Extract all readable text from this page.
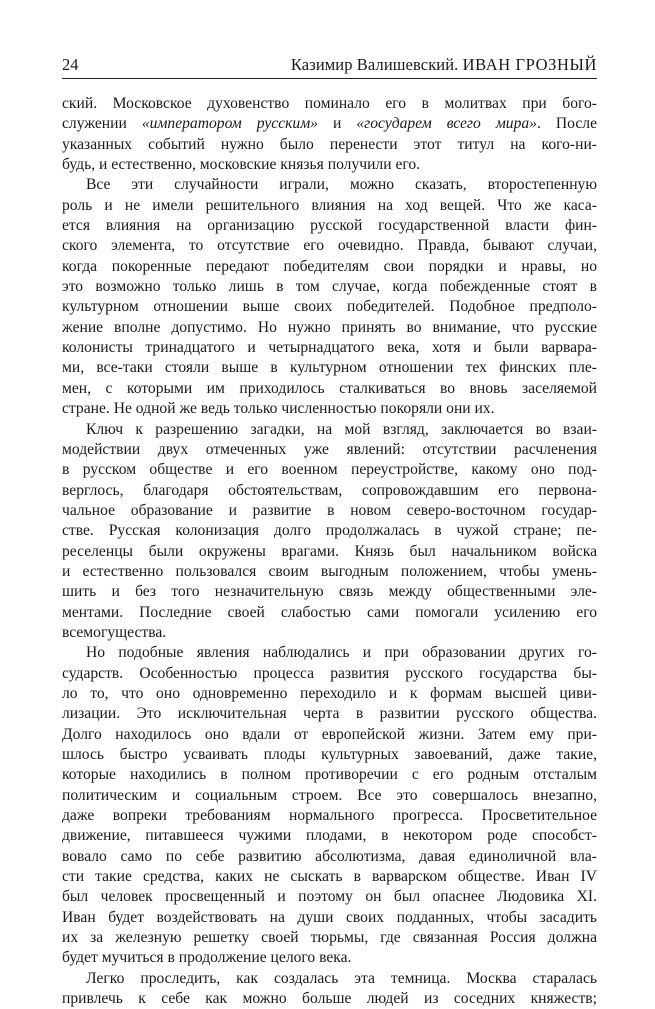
24	Казимир Валишевский. ИВАН ГРОЗНЫЙ
ский. Московское духовенство поминало его в молитвах при бого-
служении «императором русским» и «государем всего мира». После
указанных событий нужно было перенести этот титул на кого-ни-
будь, и естественно, московские князья получили его.
Все эти случайности играли, можно сказать, второстепенную
роль и не имели решительного влияния на ход вещей. Что же каса-
ется влияния на организацию русской государственной власти фин-
ского элемента, то отсутствие его очевидно. Правда, бывают случаи,
когда покоренные передают победителям свои порядки и нравы, но
это возможно только лишь в том случае, когда побежденные стоят в
культурном отношении выше своих победителей. Подобное предполо-
жение вполне допустимо. Но нужно принять во внимание, что русские
колонисты тринадцатого и четырнадцатого века, хотя и были варвара-
ми, все-таки стояли выше в культурном отношении тех финских пле-
мен, с которыми им приходилось сталкиваться во вновь заселяемой
стране. Не одной же ведь только численностью покоряли они их.
Ключ к разрешению загадки, на мой взгляд, заключается во взаи-
модействии двух отмеченных уже явлений: отсутствии расчленения
в русском обществе и его военном переустройстве, какому оно под-
верглось, благодаря обстоятельствам, сопровождавшим его первона-
чальное образование и развитие в новом северо-восточном государ-
стве. Русская колонизация долго продолжалась в чужой стране; пе-
реселенцы были окружены врагами. Князь был начальником войска
и естественно пользовался своим выгодным положением, чтобы умень-
шить и без того незначительную связь между общественными эле-
ментами. Последние своей слабостью сами помогали усилению его
всемогущества.
Но подобные явления наблюдались и при образовании других го-
сударств. Особенностью процесса развития русского государства бы-
ло то, что оно одновременно переходило и к формам высшей циви-
лизации. Это исключительная черта в развитии русского общества.
Долго находилось оно вдали от европейской жизни. Затем ему при-
шлось быстро усваивать плоды культурных завоеваний, даже такие,
которые находились в полном противоречии с его родным отсталым
политическим и социальным строем. Все это совершалось внезапно,
даже вопреки требованиям нормального прогресса. Просветительное
движение, питавшееся чужими плодами, в некотором роде способст-
вовало само по себе развитию абсолютизма, давая единоличной вла-
сти такие средства, каких не сыскать в варварском обществе. Иван IV
был человек просвещенный и поэтому он был опаснее Людовика XI.
Иван будет воздействовать на души своих подданных, чтобы засадить
их за железную решетку своей тюрьмы, где связанная Россия должна
будет мучиться в продолжение целого века.
Легко проследить, как создалась эта темница. Москва старалась
привлечь к себе как можно больше людей из соседних княжеств;
